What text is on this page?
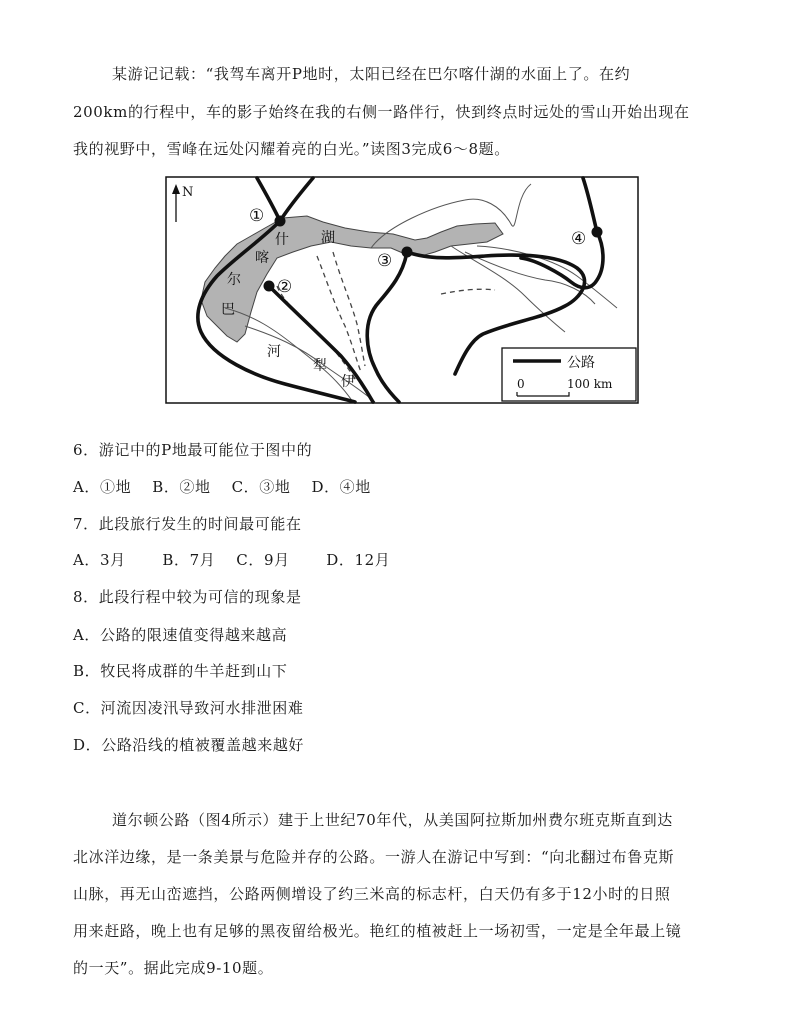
某游记记载：“我驾车离开P地时，太阳已经在巴尔喀什湖的水面上了。在约
200km的行程中，车的影子始终在我的右侧一路伴行，快到终点时远处的雪山开始出现在
我的视野中，雪峰在远处闪耀着亮的白光。”读图3完成6～8题。
N
①
②
③
④
巴
尔
喀
什 湖
河
犁
伊
公路
0	100 km
6．游记中的P地最可能位于图中的
A．①地　 B．②地　 C．③地　 D．④地
7．此段旅行发生的时间最可能在
A．3月　　 B．7月　 C．9月　　 D．12月
8．此段行程中较为可信的现象是
A．公路的限速值变得越来越高
B．牧民将成群的牛羊赶到山下
C．河流因凌汛导致河水排泄困难
D．公路沿线的植被覆盖越来越好
道尔顿公路（图4所示）建于上世纪70年代，从美国阿拉斯加州费尔班克斯直到达
北冰洋边缘，是一条美景与危险并存的公路。一游人在游记中写到：“向北翻过布鲁克斯
山脉，再无山峦遮挡，公路两侧增设了约三米高的标志杆，白天仍有多于12小时的日照
用来赶路，晚上也有足够的黑夜留给极光。艳红的植被赶上一场初雪，一定是全年最上镜
的一天”。据此完成9-10题。
